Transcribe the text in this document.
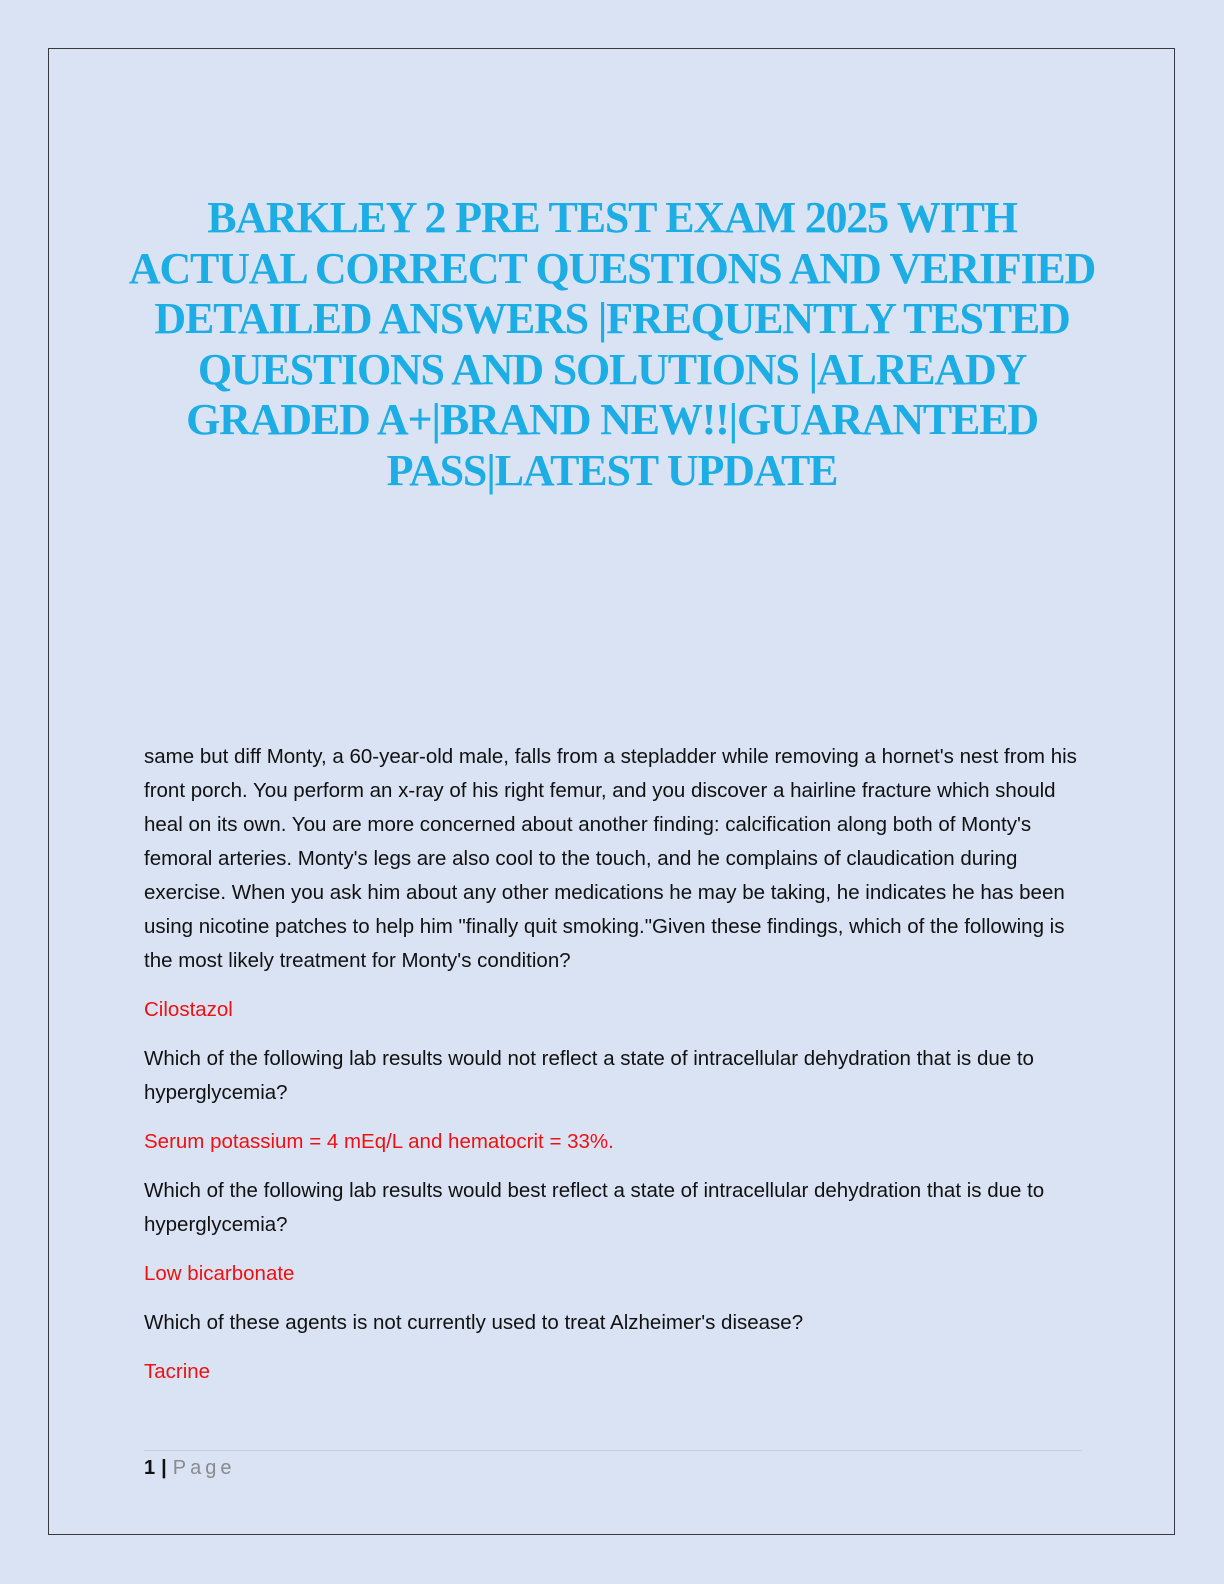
BARKLEY 2 PRE TEST EXAM 2025 WITH ACTUAL CORRECT QUESTIONS AND VERIFIED DETAILED ANSWERS |FREQUENTLY TESTED QUESTIONS AND SOLUTIONS |ALREADY GRADED A+|BRAND NEW!!|GUARANTEED PASS|LATEST UPDATE

same but diff Monty, a 60-year-old male, falls from a stepladder while removing a hornet's nest from his front porch. You perform an x-ray of his right femur, and you discover a hairline fracture which should heal on its own. You are more concerned about another finding: calcification along both of Monty's femoral arteries. Monty's legs are also cool to the touch, and he complains of claudication during exercise. When you ask him about any other medications he may be taking, he indicates he has been using nicotine patches to help him "finally quit smoking."Given these findings, which of the following is the most likely treatment for Monty's condition?

Cilostazol

Which of the following lab results would not reflect a state of intracellular dehydration that is due to hyperglycemia?

Serum potassium = 4 mEq/L and hematocrit = 33%.

Which of the following lab results would best reflect a state of intracellular dehydration that is due to hyperglycemia?

Low bicarbonate

Which of these agents is not currently used to treat Alzheimer's disease?

Tacrine

1 | Page
